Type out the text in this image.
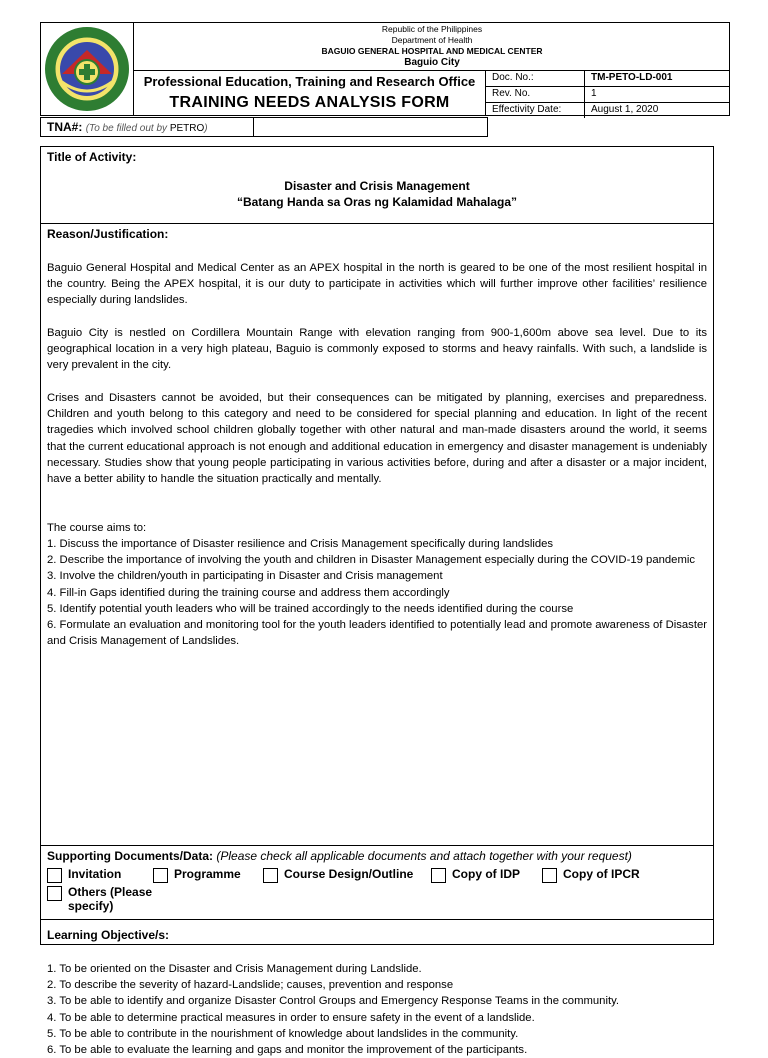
Republic of the Philippines
Department of Health
BAGUIO GENERAL HOSPITAL AND MEDICAL CENTER
Baguio City
Professional Education, Training and Research Office
TRAINING NEEDS ANALYSIS FORM
Doc. No.:	TM-PETO-LD-001
Rev. No.	1
Effectivity Date:	August 1, 2020
TNA#: (To be filled out by PETRO)
Title of Activity:
Disaster and Crisis Management
“Batang Handa sa Oras ng Kalamidad Mahalaga”
Reason/Justification:
Baguio General Hospital and Medical Center as an APEX hospital in the north is geared to be one of the most resilient hospital in the country. Being the APEX hospital, it is our duty to participate in activities which will further improve other facilities’ resilience especially during landslides.
Baguio City is nestled on Cordillera Mountain Range with elevation ranging from 900-1,600m above sea level. Due to its geographical location in a very high plateau, Baguio is commonly exposed to storms and heavy rainfalls. With such, a landslide is very prevalent in the city.
Crises and Disasters cannot be avoided, but their consequences can be mitigated by planning, exercises and preparedness. Children and youth belong to this category and need to be considered for special planning and education. In light of the recent tragedies which involved school children globally together with other natural and man-made disasters around the world, it seems that the current educational approach is not enough and additional education in emergency and disaster management is undeniably necessary. Studies show that young people participating in various activities before, during and after a disaster or a major incident, have a better ability to handle the situation practically and mentally.
The course aims to:
1. Discuss the importance of Disaster resilience and Crisis Management specifically during landslides
2. Describe the importance of involving the youth and children in Disaster Management especially during the COVID-19 pandemic
3. Involve the children/youth in participating in Disaster and Crisis management
4. Fill-in Gaps identified during the training course and address them accordingly
5. Identify potential youth leaders who will be trained accordingly to the needs identified during the course
6. Formulate an evaluation and monitoring tool for the youth leaders identified to potentially lead and promote awareness of Disaster and Crisis Management of Landslides.
Supporting Documents/Data: (Please check all applicable documents and attach together with your request)
Invitation	Programme	Course Design/Outline	Copy of IDP	Copy of IPCR
Others (Please
specify)
Learning Objective/s:
1. To be oriented on the Disaster and Crisis Management during Landslide.
2. To describe the severity of hazard-Landslide; causes, prevention and response
3. To be able to identify and organize Disaster Control Groups and Emergency Response Teams in the community.
4. To be able to determine practical measures in order to ensure safety in the event of a landslide.
5. To be able to contribute in the nourishment of knowledge about landslides in the community.
6. To be able to evaluate the learning and gaps and monitor the improvement of the participants.
